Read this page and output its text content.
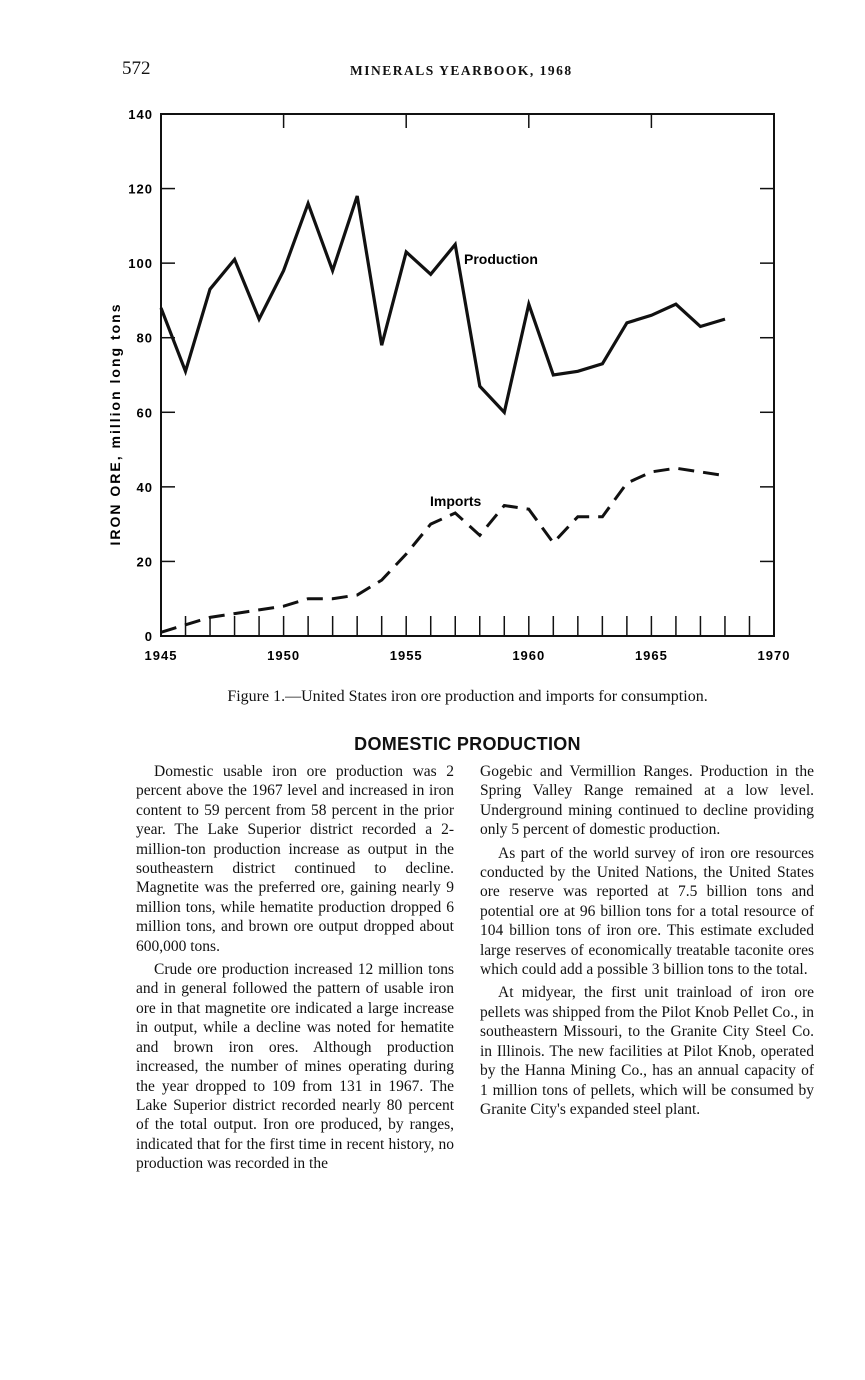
572	MINERALS YEARBOOK, 1968
0
20
40
60
80
100
120
140
1945	1950	1955	1960	1965	1970
IRON ORE, million long tons
Production
Imports
Figure 1.—United States iron ore production and imports for consumption.
DOMESTIC PRODUCTION

Domestic usable iron ore production was 2 percent above the 1967 level and increased in iron content to 59 percent from 58 percent in the prior year. The Lake Superior district recorded a 2-million-ton production increase as output in the southeastern district continued to decline. Magnetite was the preferred ore, gaining nearly 9 million tons, while hematite production dropped 6 million tons, and brown ore output dropped about 600,000 tons.

Crude ore production increased 12 million tons and in general followed the pattern of usable iron ore in that magnetite ore indicated a large increase in output, while a decline was noted for hematite and brown iron ores. Although production increased, the number of mines operating during the year dropped to 109 from 131 in 1967. The Lake Superior district recorded nearly 80 percent of the total output. Iron ore produced, by ranges, indicated that for the first time in recent history, no production was recorded in the

Gogebic and Vermillion Ranges. Production in the Spring Valley Range remained at a low level. Underground mining continued to decline providing only 5 percent of domestic production.

As part of the world survey of iron ore resources conducted by the United Nations, the United States ore reserve was reported at 7.5 billion tons and potential ore at 96 billion tons for a total resource of 104 billion tons of iron ore. This estimate excluded large reserves of economically treatable taconite ores which could add a possible 3 billion tons to the total.

At midyear, the first unit trainload of iron ore pellets was shipped from the Pilot Knob Pellet Co., in southeastern Missouri, to the Granite City Steel Co. in Illinois. The new facilities at Pilot Knob, operated by the Hanna Mining Co., has an annual capacity of 1 million tons of pellets, which will be consumed by Granite City's expanded steel plant.
